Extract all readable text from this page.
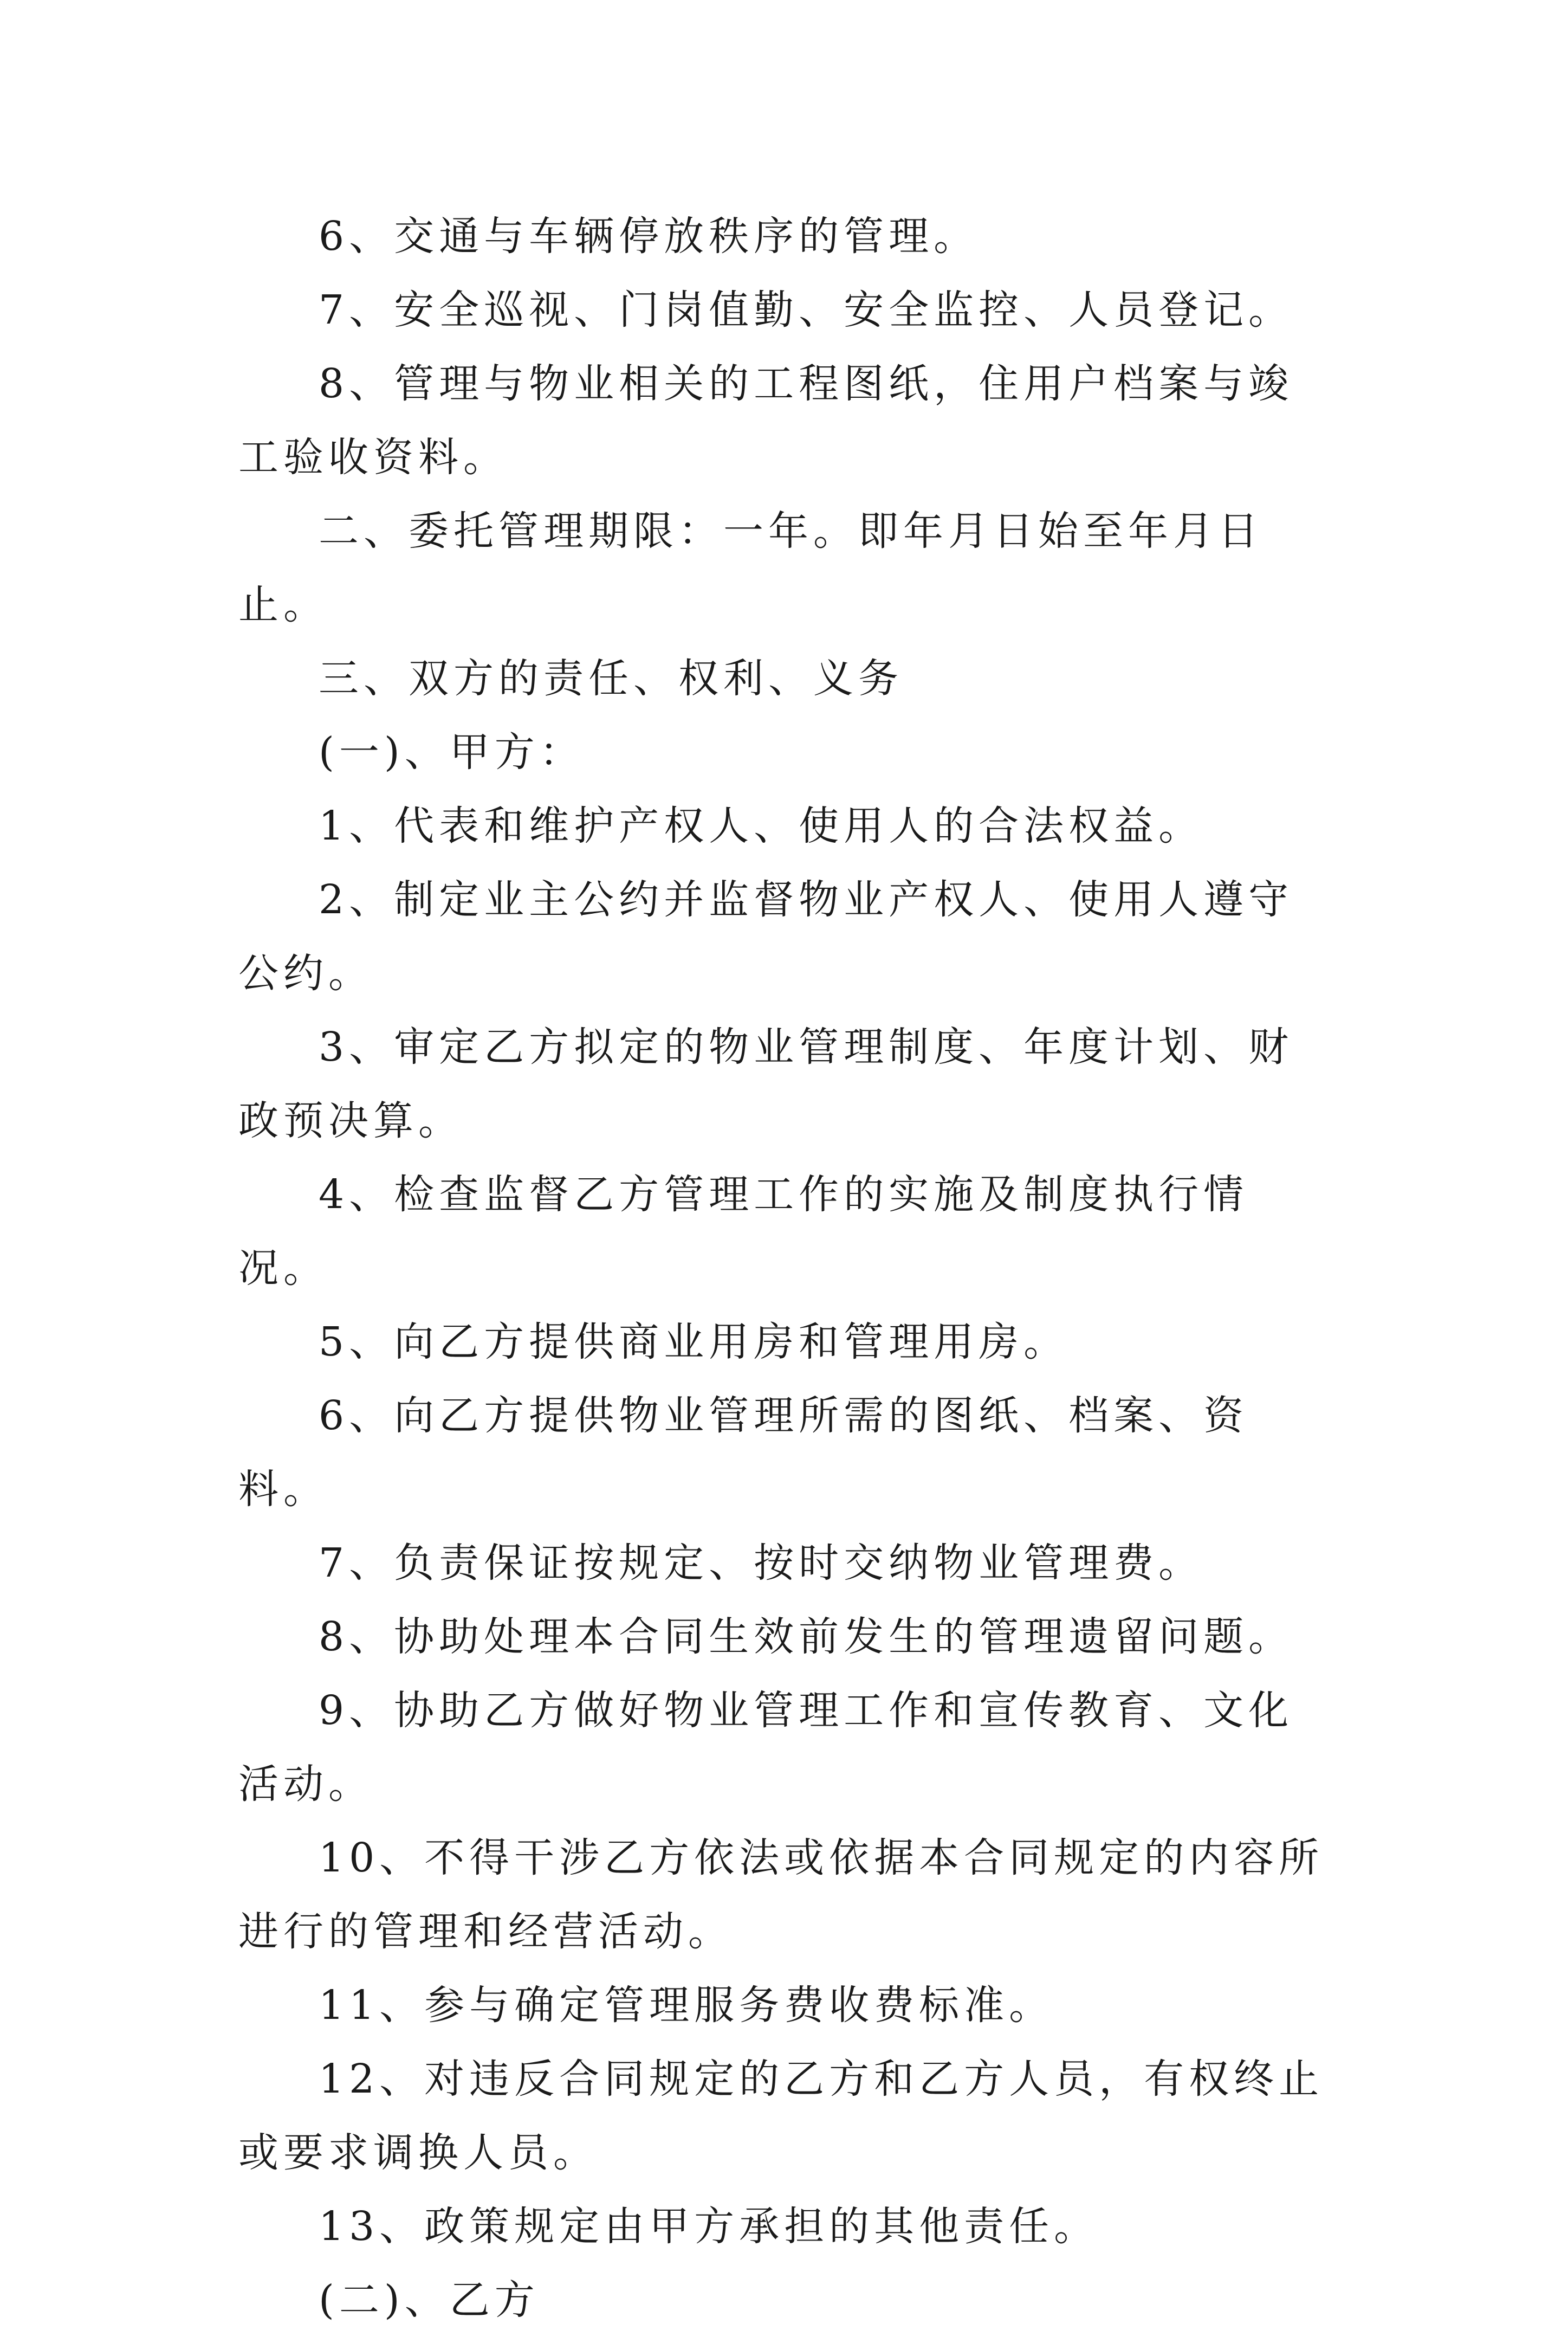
6、交通与车辆停放秩序的管理。

7、安全巡视、门岗值勤、安全监控、人员登记。

8、管理与物业相关的工程图纸，住用户档案与竣工验收资料。

二、委托管理期限：一年。即年月日始至年月日止。

三、双方的责任、权利、义务

(一)、甲方：

1、代表和维护产权人、使用人的合法权益。

2、制定业主公约并监督物业产权人、使用人遵守公约。

3、审定乙方拟定的物业管理制度、年度计划、财政预决算。

4、检查监督乙方管理工作的实施及制度执行情况。

5、向乙方提供商业用房和管理用房。

6、向乙方提供物业管理所需的图纸、档案、资料。

7、负责保证按规定、按时交纳物业管理费。

8、协助处理本合同生效前发生的管理遗留问题。

9、协助乙方做好物业管理工作和宣传教育、文化活动。

10、不得干涉乙方依法或依据本合同规定的内容所进行的管理和经营活动。

11、参与确定管理服务费收费标准。

12、对违反合同规定的乙方和乙方人员，有权终止或要求调换人员。

13、政策规定由甲方承担的其他责任。

(二)、乙方
